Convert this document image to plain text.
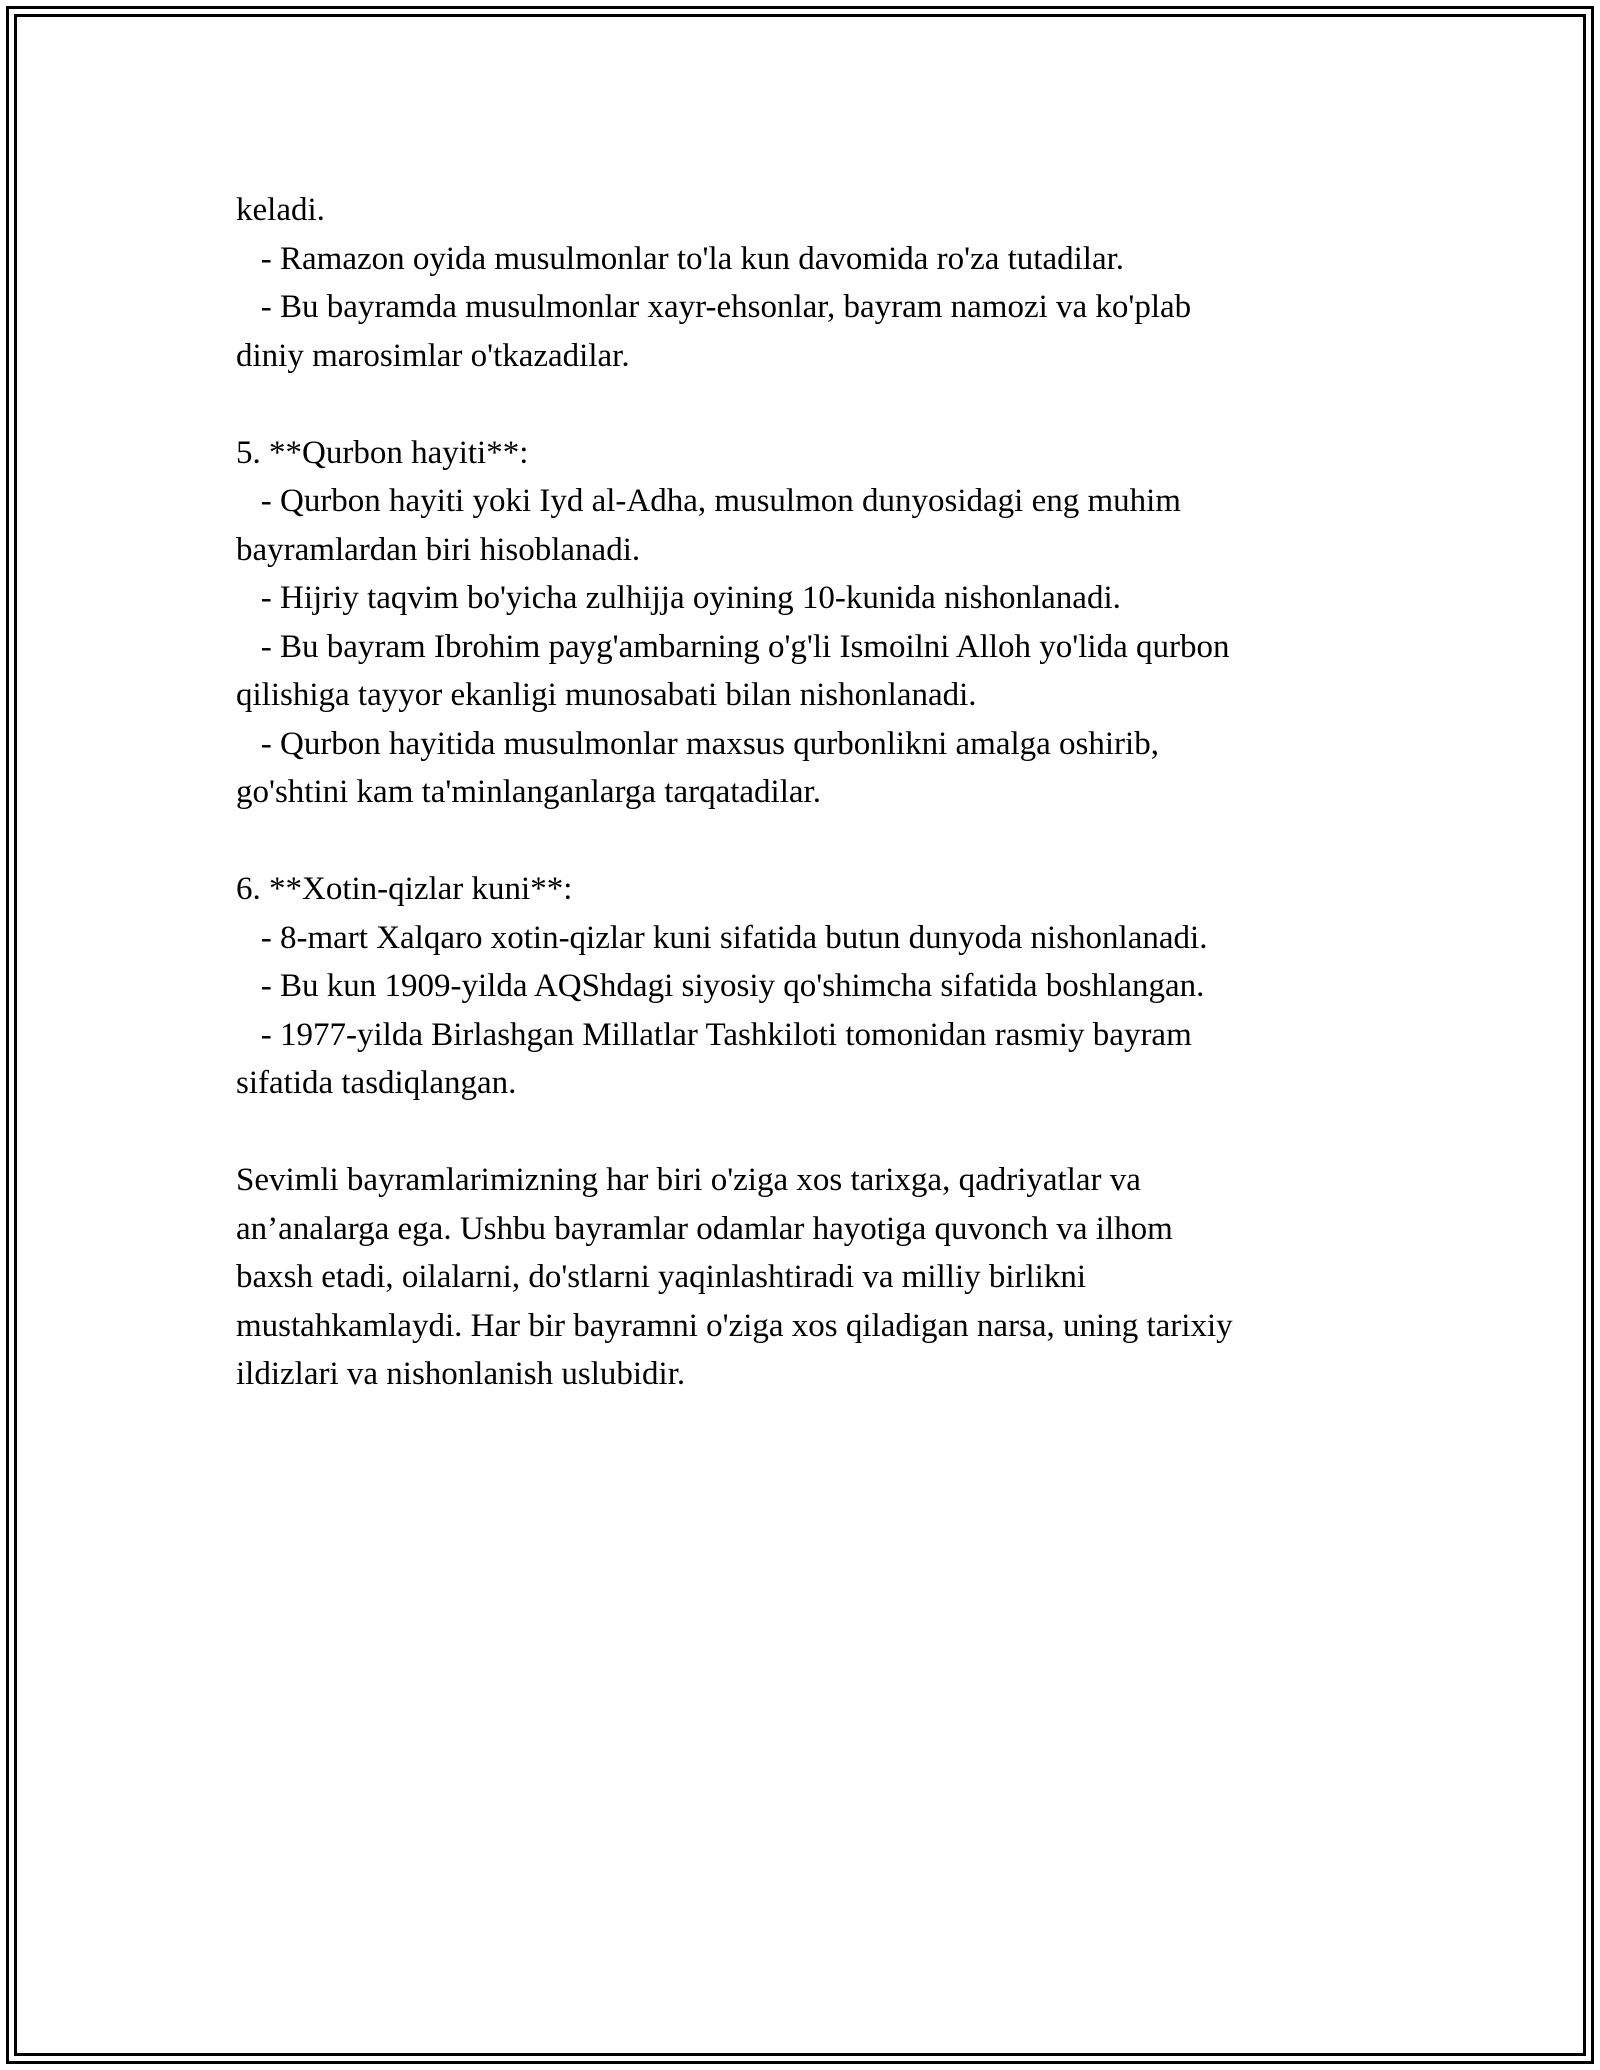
keladi.
- Ramazon oyida musulmonlar to'la kun davomida ro'za tutadilar.
- Bu bayramda musulmonlar xayr-ehsonlar, bayram namozi va ko'plab
diniy marosimlar o'tkazadilar.
5. **Qurbon hayiti**:
- Qurbon hayiti yoki Iyd al-Adha, musulmon dunyosidagi eng muhim
bayramlardan biri hisoblanadi.
- Hijriy taqvim bo'yicha zulhijja oyining 10-kunida nishonlanadi.
- Bu bayram Ibrohim payg'ambarning o'g'li Ismoilni Alloh yo'lida qurbon
qilishiga tayyor ekanligi munosabati bilan nishonlanadi.
- Qurbon hayitida musulmonlar maxsus qurbonlikni amalga oshirib,
go'shtini kam ta'minlanganlarga tarqatadilar.
6. **Xotin-qizlar kuni**:
- 8-mart Xalqaro xotin-qizlar kuni sifatida butun dunyoda nishonlanadi.
- Bu kun 1909-yilda AQShdagi siyosiy qo'shimcha sifatida boshlangan.
- 1977-yilda Birlashgan Millatlar Tashkiloti tomonidan rasmiy bayram
sifatida tasdiqlangan.
Sevimli bayramlarimizning har biri o'ziga xos tarixga, qadriyatlar va
an’analarga ega. Ushbu bayramlar odamlar hayotiga quvonch va ilhom
baxsh etadi, oilalarni, do'stlarni yaqinlashtiradi va milliy birlikni
mustahkamlaydi. Har bir bayramni o'ziga xos qiladigan narsa, uning tarixiy
ildizlari va nishonlanish uslubidir.
